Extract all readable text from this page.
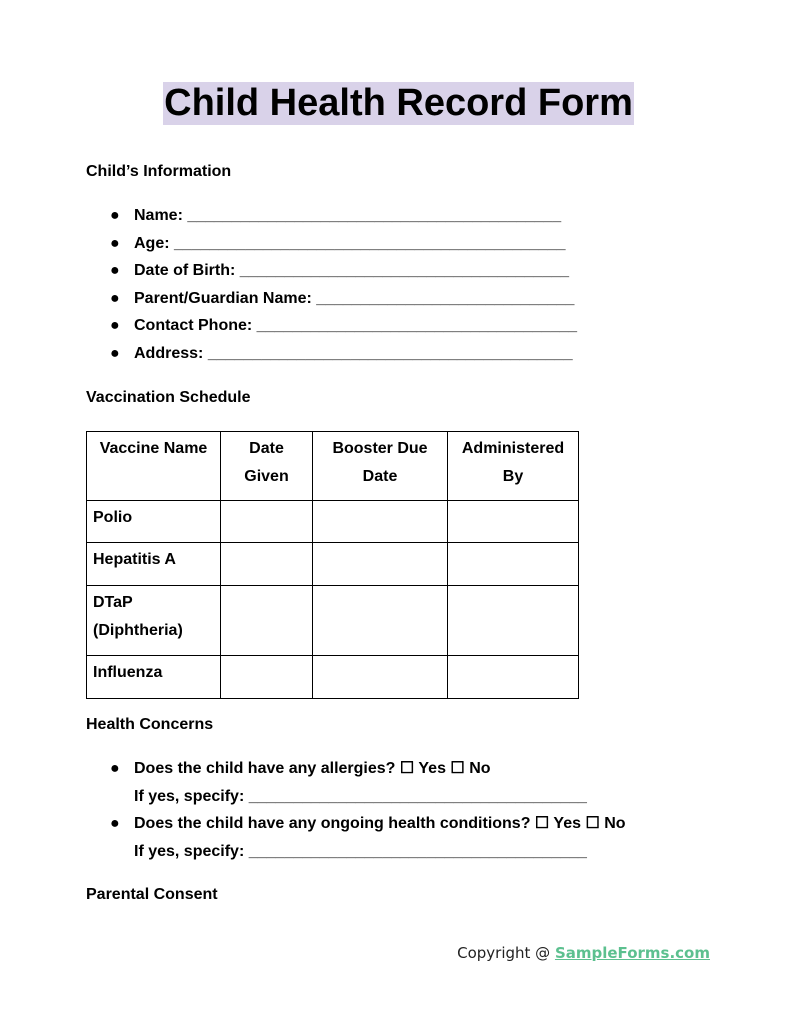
Child Health Record Form

Child’s Information

● Name: __________________________________________
● Age: ____________________________________________
● Date of Birth: _____________________________________
● Parent/Guardian Name: _____________________________
● Contact Phone: ____________________________________
● Address: _________________________________________

Vaccination Schedule

Vaccine Name	Date Given	Booster Due Date	Administered By
Polio			
Hepatitis A			
DTaP (Diphtheria)			
Influenza			

Health Concerns

● Does the child have any allergies? ☐ Yes ☐ No
If yes, specify: ______________________________________
● Does the child have any ongoing health conditions? ☐ Yes ☐ No
If yes, specify: ______________________________________

Parental Consent

Copyright @ SampleForms.com
